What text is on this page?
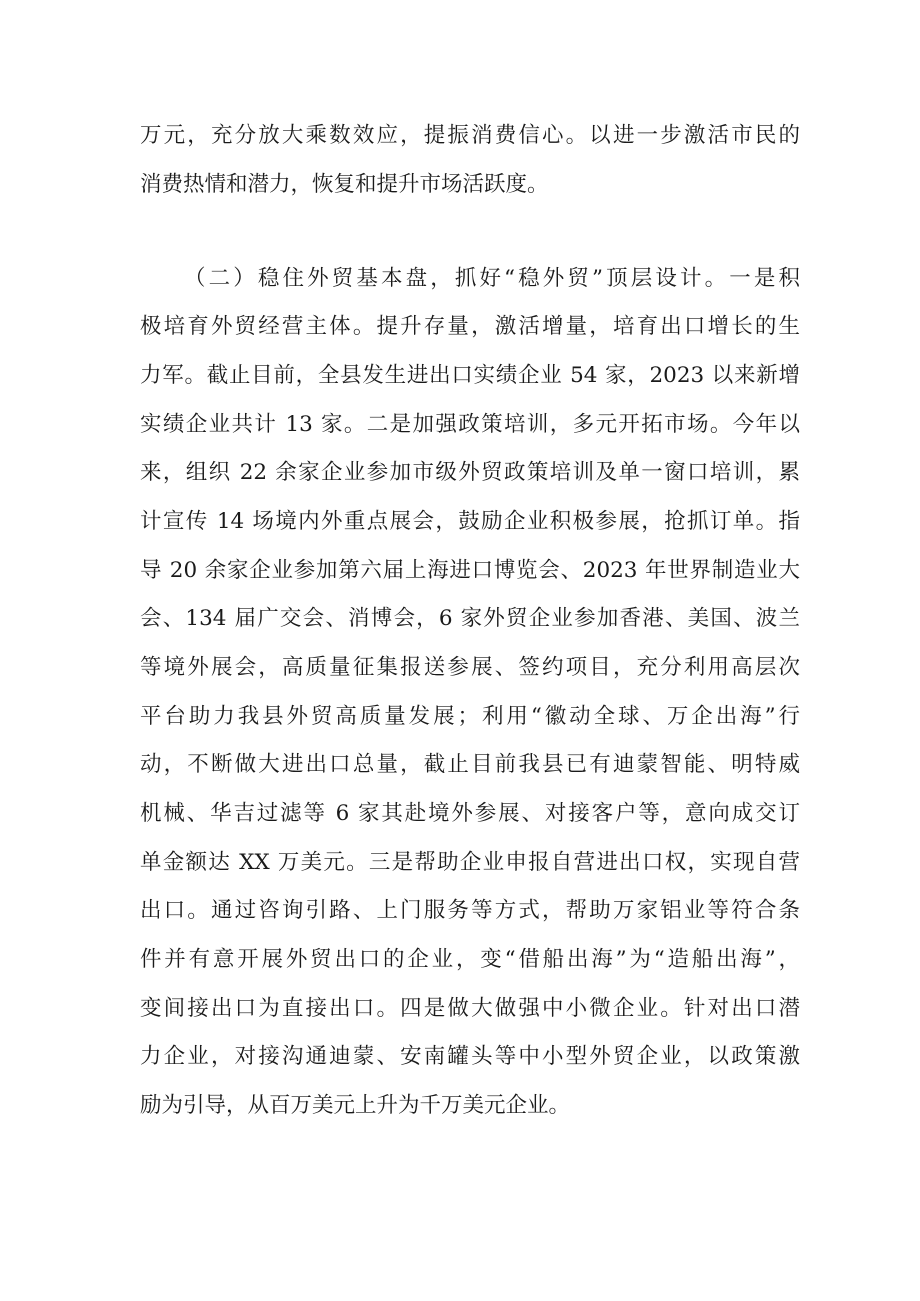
万元，充分放大乘数效应，提振消费信心。以进一步激活市民的
消费热情和潜力，恢复和提升市场活跃度。
（二）稳住外贸基本盘，抓好“稳外贸”顶层设计。一是积
极培育外贸经营主体。提升存量，激活增量，培育出口增长的生
力军。截止目前，全县发生进出口实绩企业 54 家，2023 以来新增
实绩企业共计 13 家。二是加强政策培训，多元开拓市场。今年以
来，组织 22 余家企业参加市级外贸政策培训及单一窗口培训，累
计宣传 14 场境内外重点展会，鼓励企业积极参展，抢抓订单。指
导 20 余家企业参加第六届上海进口博览会、2023 年世界制造业大
会、134 届广交会、消博会，6 家外贸企业参加香港、美国、波兰
等境外展会，高质量征集报送参展、签约项目，充分利用高层次
平台助力我县外贸高质量发展；利用“徽动全球、万企出海”行
动，不断做大进出口总量，截止目前我县已有迪蒙智能、明特威
机械、华吉过滤等 6 家其赴境外参展、对接客户等，意向成交订
单金额达 XX 万美元。三是帮助企业申报自营进出口权，实现自营
出口。通过咨询引路、上门服务等方式，帮助万家铝业等符合条
件并有意开展外贸出口的企业，变“借船出海”为“造船出海”，
变间接出口为直接出口。四是做大做强中小微企业。针对出口潜
力企业，对接沟通迪蒙、安南罐头等中小型外贸企业，以政策激
励为引导，从百万美元上升为千万美元企业。
